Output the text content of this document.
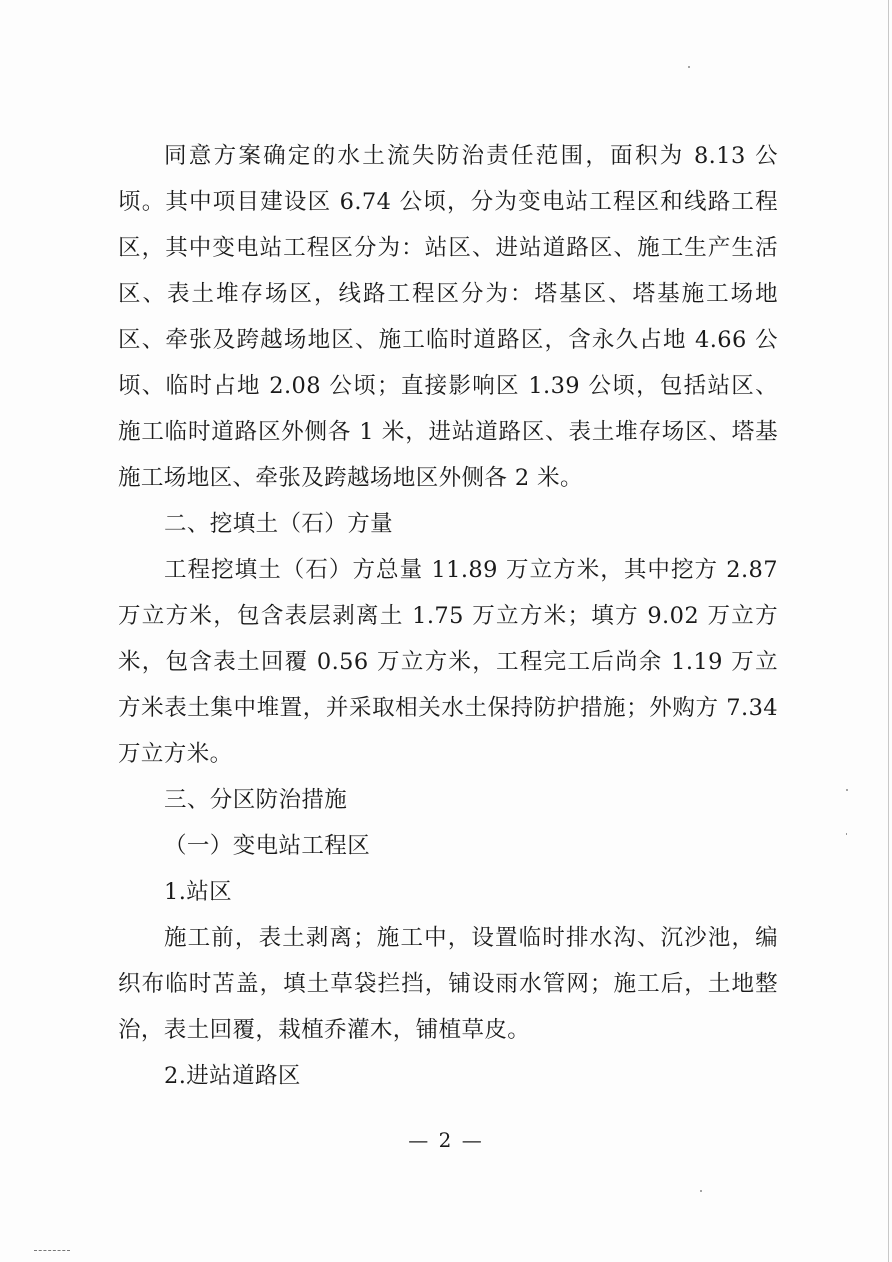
同意方案确定的水土流失防治责任范围，面积为 8.13 公顷。其中项目建设区 6.74 公顷，分为变电站工程区和线路工程区，其中变电站工程区分为：站区、进站道路区、施工生产生活区、表土堆存场区，线路工程区分为：塔基区、塔基施工场地区、牵张及跨越场地区、施工临时道路区，含永久占地 4.66 公顷、临时占地 2.08 公顷；直接影响区 1.39 公顷，包括站区、施工临时道路区外侧各 1 米，进站道路区、表土堆存场区、塔基施工场地区、牵张及跨越场地区外侧各 2 米。

二、挖填土（石）方量

工程挖填土（石）方总量 11.89 万立方米，其中挖方 2.87 万立方米，包含表层剥离土 1.75 万立方米；填方 9.02 万立方米，包含表土回覆 0.56 万立方米，工程完工后尚余 1.19 万立方米表土集中堆置，并采取相关水土保持防护措施；外购方 7.34 万立方米。

三、分区防治措施

（一）变电站工程区

1.站区

施工前，表土剥离；施工中，设置临时排水沟、沉沙池，编织布临时苫盖，填土草袋拦挡，铺设雨水管网；施工后，土地整治，表土回覆，栽植乔灌木，铺植草皮。

2.进站道路区

— 2 —
